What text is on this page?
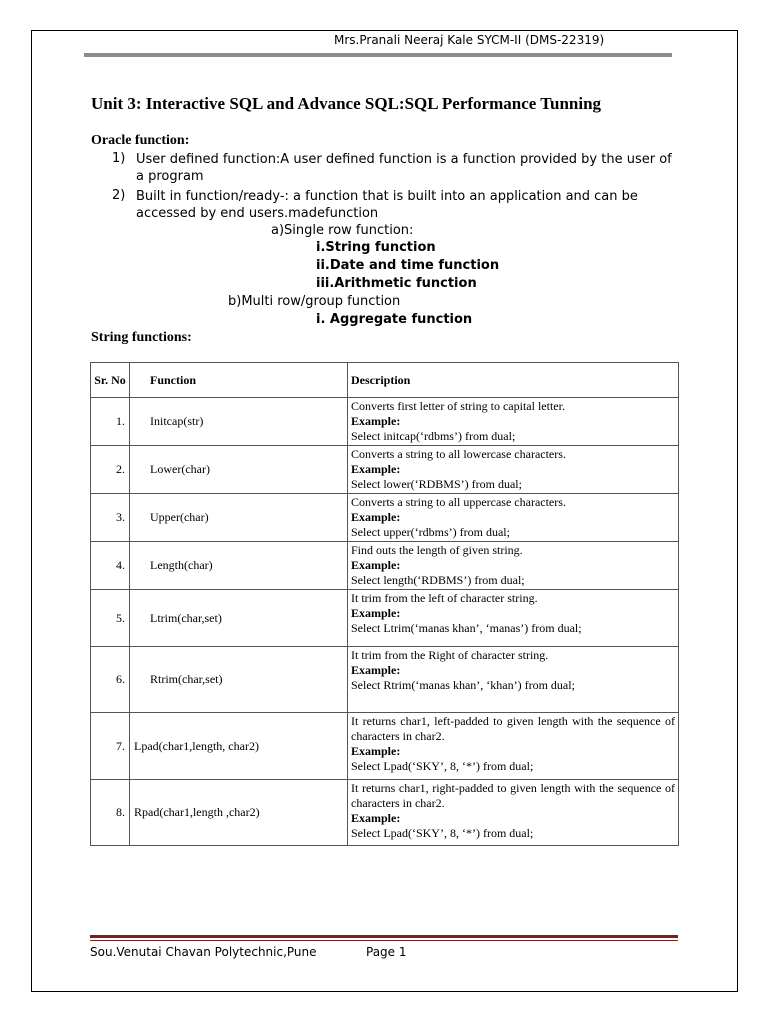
Mrs.Pranali Neeraj Kale SYCM-II (DMS-22319)
Unit 3: Interactive SQL and Advance SQL:SQL Performance Tunning
Oracle function:
1) User defined function:A user defined function is a function provided by the user of a program
2) Built in function/ready-: a function that is built into an application and can be accessed by end users.madefunction
a)Single row function:
i.String function
ii.Date and time function
iii.Arithmetic function
b)Multi row/group function
i. Aggregate function
String functions:
Sr. No	Function	Description
1.	Initcap(str)	Converts first letter of string to capital letter.
Example:
Select initcap(‘rdbms’) from dual;

2.	Lower(char)	Converts a string to all lowercase characters.
Example:
Select lower(‘RDBMS’) from dual;

3.	Upper(char)	Converts a string to all uppercase characters.
Example:
Select upper(‘rdbms’) from dual;

4.	Length(char)	Find outs the length of given string.
Example:
Select length(‘RDBMS’) from dual;

5.	Ltrim(char,set)	It trim from the left of character string.
Example:
Select Ltrim(‘manas khan’, ‘manas’) from dual;

6.	Rtrim(char,set)	It trim from the Right of character string.
Example:
Select Rtrim(‘manas khan’, ‘khan’) from dual;

7.	Lpad(char1,length, char2)	It returns char1, left-padded to given length with the sequence of characters in char2.
Example:
Select Lpad(‘SKY’, 8, ‘*’) from dual;

8.	Rpad(char1,length ,char2)	It returns char1, right-padded to given length with the sequence of characters in char2.
Example:
Select Lpad(‘SKY’, 8, ‘*’) from dual;
Sou.Venutai Chavan Polytechnic,Pune	Page 1
